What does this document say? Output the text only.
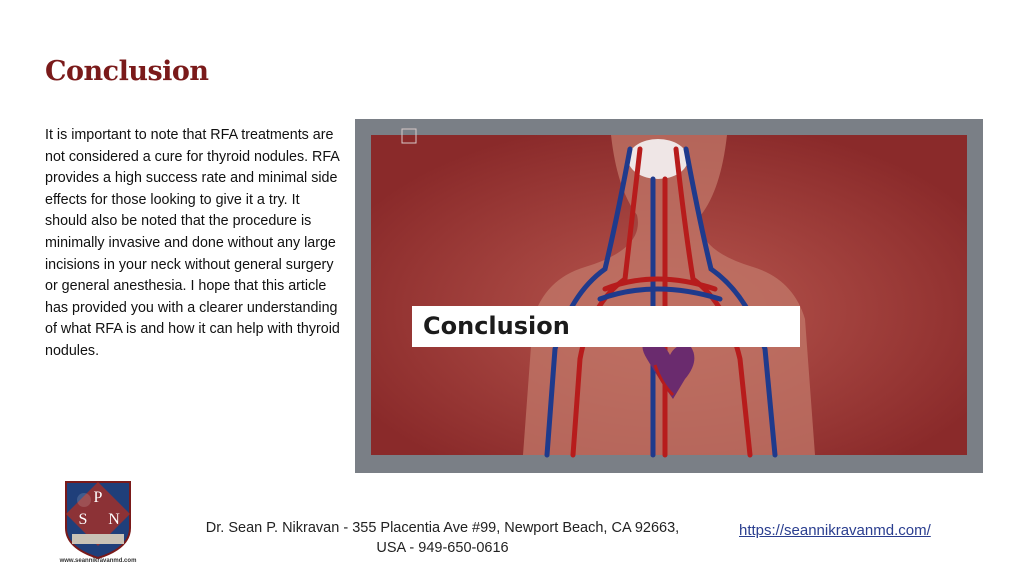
Conclusion

It is important to note that RFA treatments are not considered a cure for thyroid nodules. RFA provides a high success rate and minimal side effects for those looking to give it a try. It should also be noted that the procedure is minimally invasive and done without any large incisions in your neck without general surgery or general anesthesia. I hope that this article has provided you with a clearer understanding of what RFA is and how it can help with thyroid nodules.

Conclusion
P
S N
www.seannikravanmd.com

Dr. Sean P. Nikravan - 355 Placentia Ave #99, Newport Beach, CA 92663, USA - 949-650-0616

https://seannikravanmd.com/
